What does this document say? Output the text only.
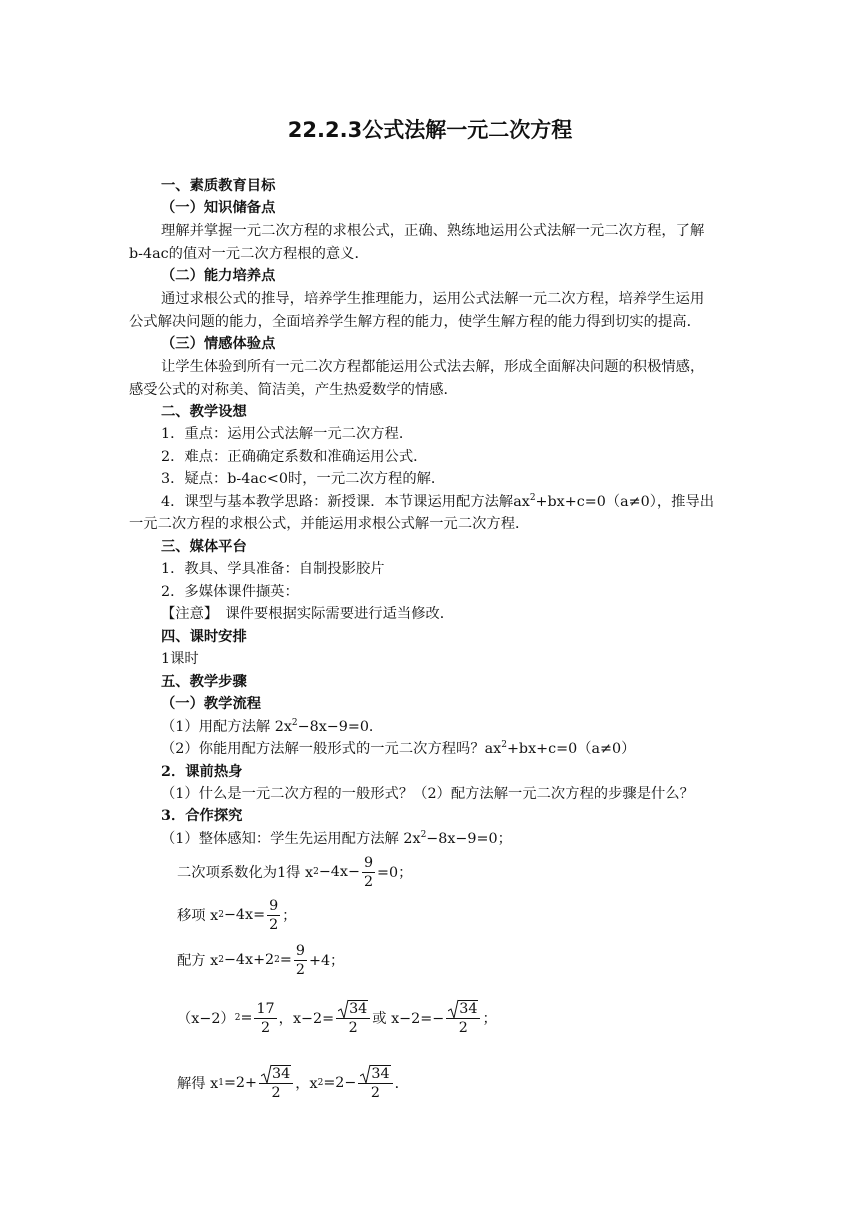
22.2.3公式法解一元二次方程
一、素质教育目标
（一）知识储备点
理解并掌握一元二次方程的求根公式，正确、熟练地运用公式法解一元二次方程，了解
b-4ac的值对一元二次方程根的意义．
（二）能力培养点
通过求根公式的推导，培养学生推理能力，运用公式法解一元二次方程，培养学生运用
公式解决问题的能力，全面培养学生解方程的能力，使学生解方程的能力得到切实的提高．
（三）情感体验点
让学生体验到所有一元二次方程都能运用公式法去解，形成全面解决问题的积极情感，
感受公式的对称美、简洁美，产生热爱数学的情感．
二、教学设想
1．重点：运用公式法解一元二次方程．
2．难点：正确确定系数和准确运用公式．
3．疑点：b-4ac<0时，一元二次方程的解．
4．课型与基本教学思路：新授课．本节课运用配方法解$ax^2+bx+c=0(a\ne 0)$，推导出
一元二次方程的求根公式，并能运用求根公式解一元二次方程．
三、媒体平台
1．教具、学具准备：自制投影胶片
2．多媒体课件撷英：
【注意】　课件要根据实际需要进行适当修改．
四、课时安排
1课时
五、教学步骤
（一）教学流程
（1）用配方法解 $2x^2-8x-9=0$．
（2）你能用配方法解一般形式的一元二次方程吗？$ax^2+bx+c=0(a\ne 0)$
2．课前热身
（1）什么是一元二次方程的一般形式？（2）配方法解一元二次方程的步骤是什么？
3．合作探究
（1）整体感知：学生先运用配方法解 $2x^2-8x-9=0$；
二次项系数化为1得 x $2 -4x- \frac{9}{2} =0$；
移项 x $2 -4x= \frac{9}{2}$ ；
配方 x 2 −4x+2 $2 = \frac{9}{2} +4$；
（x−2） $2 = \frac{17}{2}$ ，$x-2= \frac{34}{2}$ 或 $x-2=- \frac{34}{2}$ ；
解得 x $1 =2+ \frac{34}{2}$ ，x $2 =2- \frac{34}{2}$ ．
